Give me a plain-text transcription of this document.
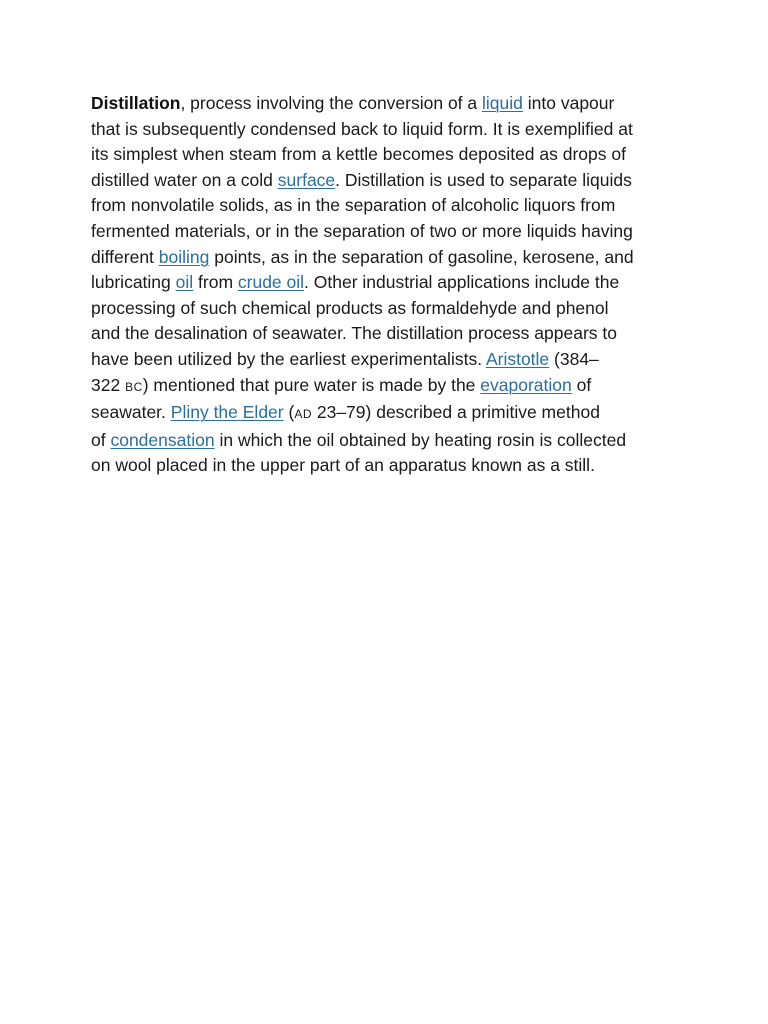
Distillation, process involving the conversion of a liquid into vapour
that is subsequently condensed back to liquid form. It is exemplified at
its simplest when steam from a kettle becomes deposited as drops of
distilled water on a cold surface. Distillation is used to separate liquids
from nonvolatile solids, as in the separation of alcoholic liquors from
fermented materials, or in the separation of two or more liquids having
different boiling points, as in the separation of gasoline, kerosene, and
lubricating oil from crude oil. Other industrial applications include the
processing of such chemical products as formaldehyde and phenol
and the desalination of seawater. The distillation process appears to
have been utilized by the earliest experimentalists. Aristotle (384–
322 BC) mentioned that pure water is made by the evaporation of
seawater. Pliny the Elder (AD 23–79) described a primitive method
of condensation in which the oil obtained by heating rosin is collected
on wool placed in the upper part of an apparatus known as a still.
